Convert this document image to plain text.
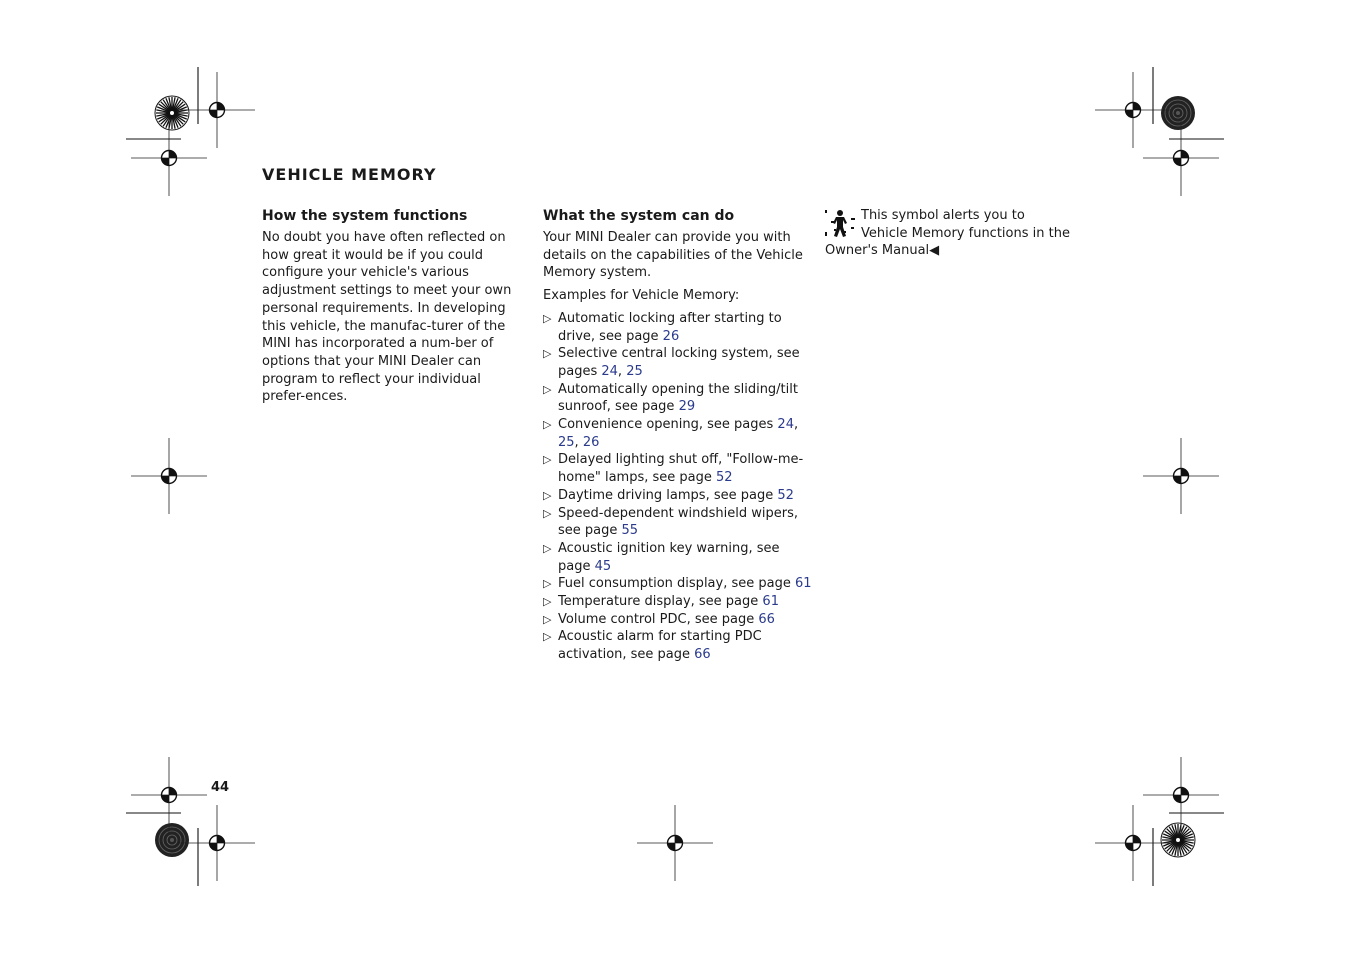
VEHICLE MEMORY
How the system functions

No doubt you have often reflected on how great it would be if you could configure your vehicle's various adjustment settings to meet your own personal requirements. In developing this vehicle, the manufac-turer of the MINI has incorporated a num-ber of options that your MINI Dealer can program to reflect your individual prefer-ences.

What the system can do

Your MINI Dealer can provide you with details on the capabilities of the Vehicle Memory system.

Examples for Vehicle Memory:

▷ Automatic locking after starting to drive, see page 26
▷ Selective central locking system, see pages 24, 25
▷ Automatically opening the sliding/tilt sunroof, see page 29
▷ Convenience opening, see pages 24, 25, 26
▷ Delayed lighting shut off, "Follow-me-home" lamps, see page 52
▷ Daytime driving lamps, see page 52
▷ Speed-dependent windshield wipers, see page 55
▷ Acoustic ignition key warning, see page 45
▷ Fuel consumption display, see page 61
▷ Temperature display, see page 61
▷ Volume control PDC, see page 66
▷ Acoustic alarm for starting PDC activation, see page 66
This symbol alerts you to Vehicle Memory functions in the Owner's Manual◀
44
